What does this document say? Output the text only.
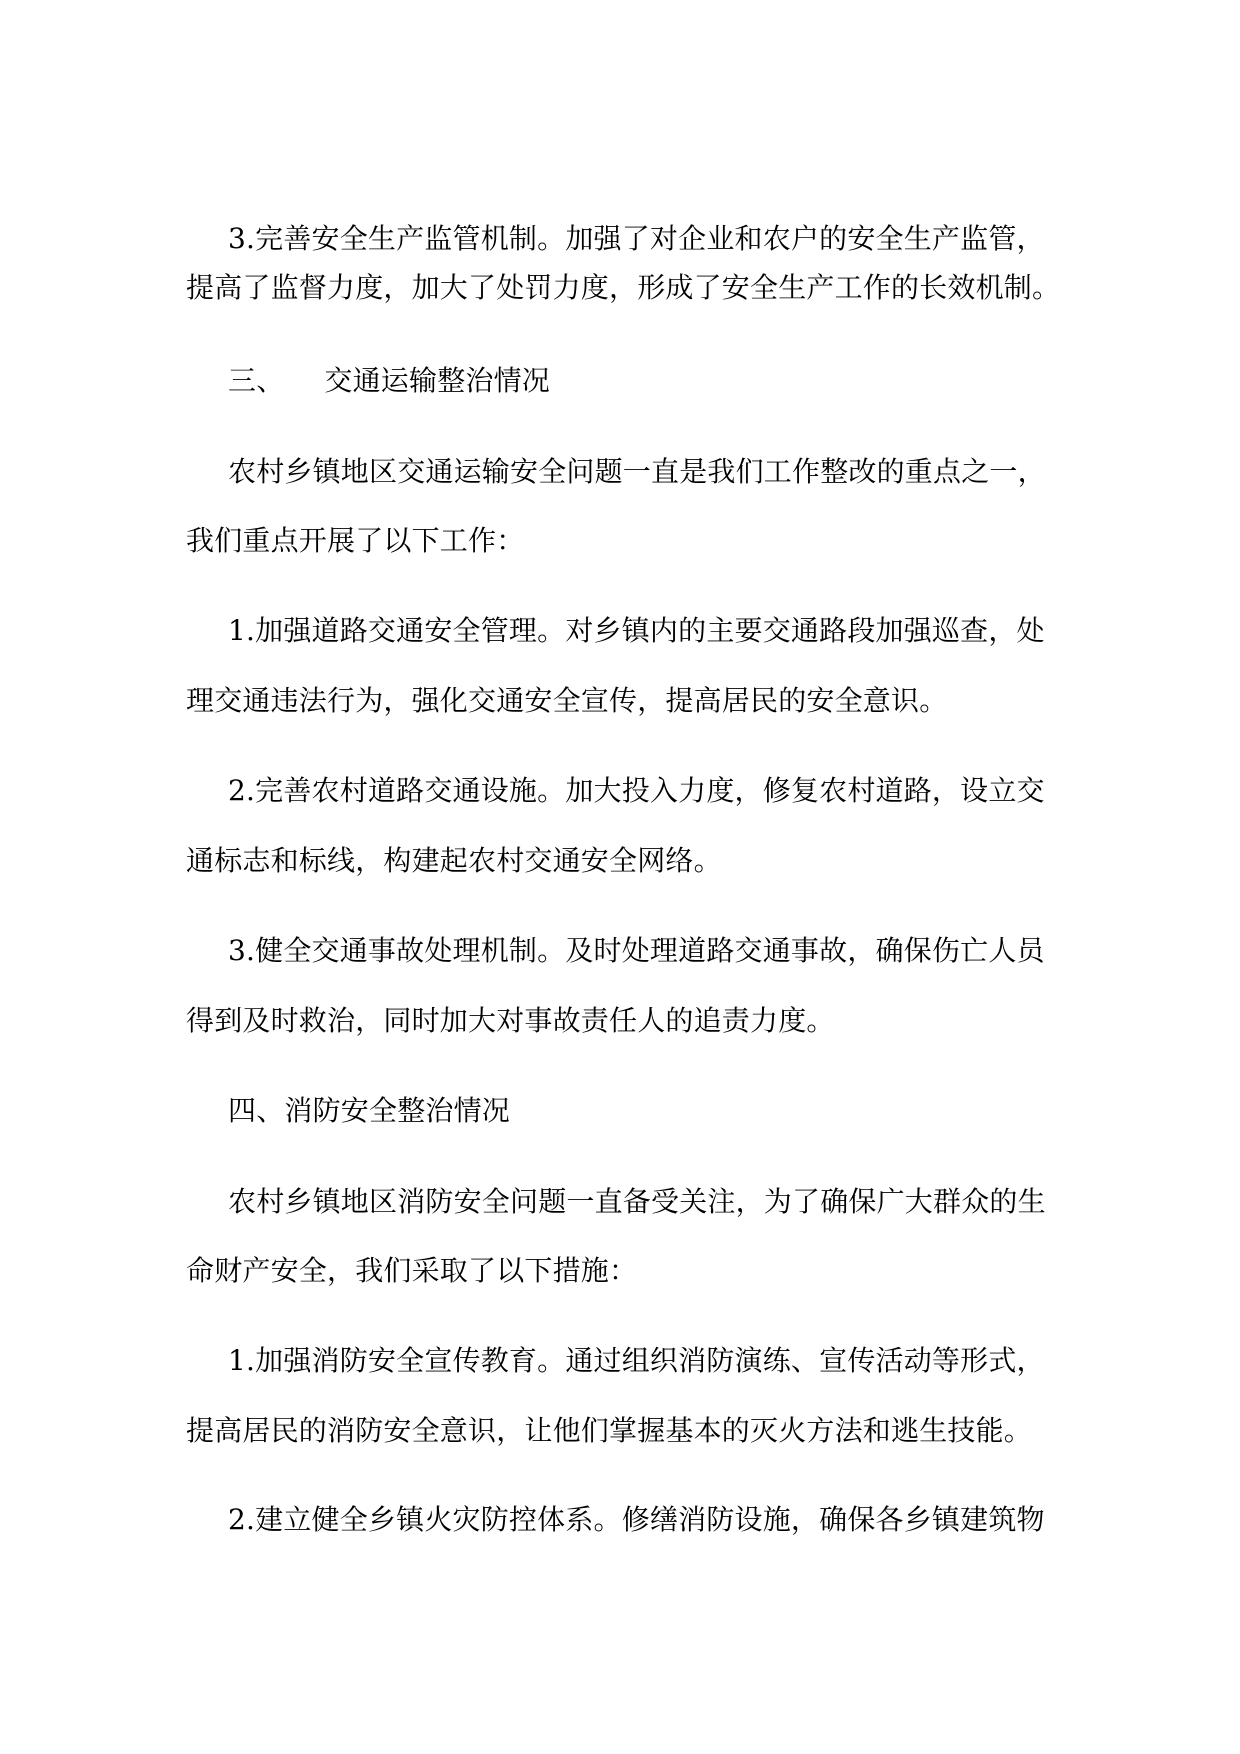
3.完善安全生产监管机制。加强了对企业和农户的安全生产监管，
提高了监督力度，加大了处罚力度，形成了安全生产工作的长效机制。
三、 交通运输整治情况
农村乡镇地区交通运输安全问题一直是我们工作整改的重点之一，
我们重点开展了以下工作：
1.加强道路交通安全管理。对乡镇内的主要交通路段加强巡查，处
理交通违法行为，强化交通安全宣传，提高居民的安全意识。
2.完善农村道路交通设施。加大投入力度，修复农村道路，设立交
通标志和标线，构建起农村交通安全网络。
3.健全交通事故处理机制。及时处理道路交通事故，确保伤亡人员
得到及时救治，同时加大对事故责任人的追责力度。
四、消防安全整治情况
农村乡镇地区消防安全问题一直备受关注，为了确保广大群众的生
命财产安全，我们采取了以下措施：
1.加强消防安全宣传教育。通过组织消防演练、宣传活动等形式，
提高居民的消防安全意识，让他们掌握基本的灭火方法和逃生技能。
2.建立健全乡镇火灾防控体系。修缮消防设施，确保各乡镇建筑物
